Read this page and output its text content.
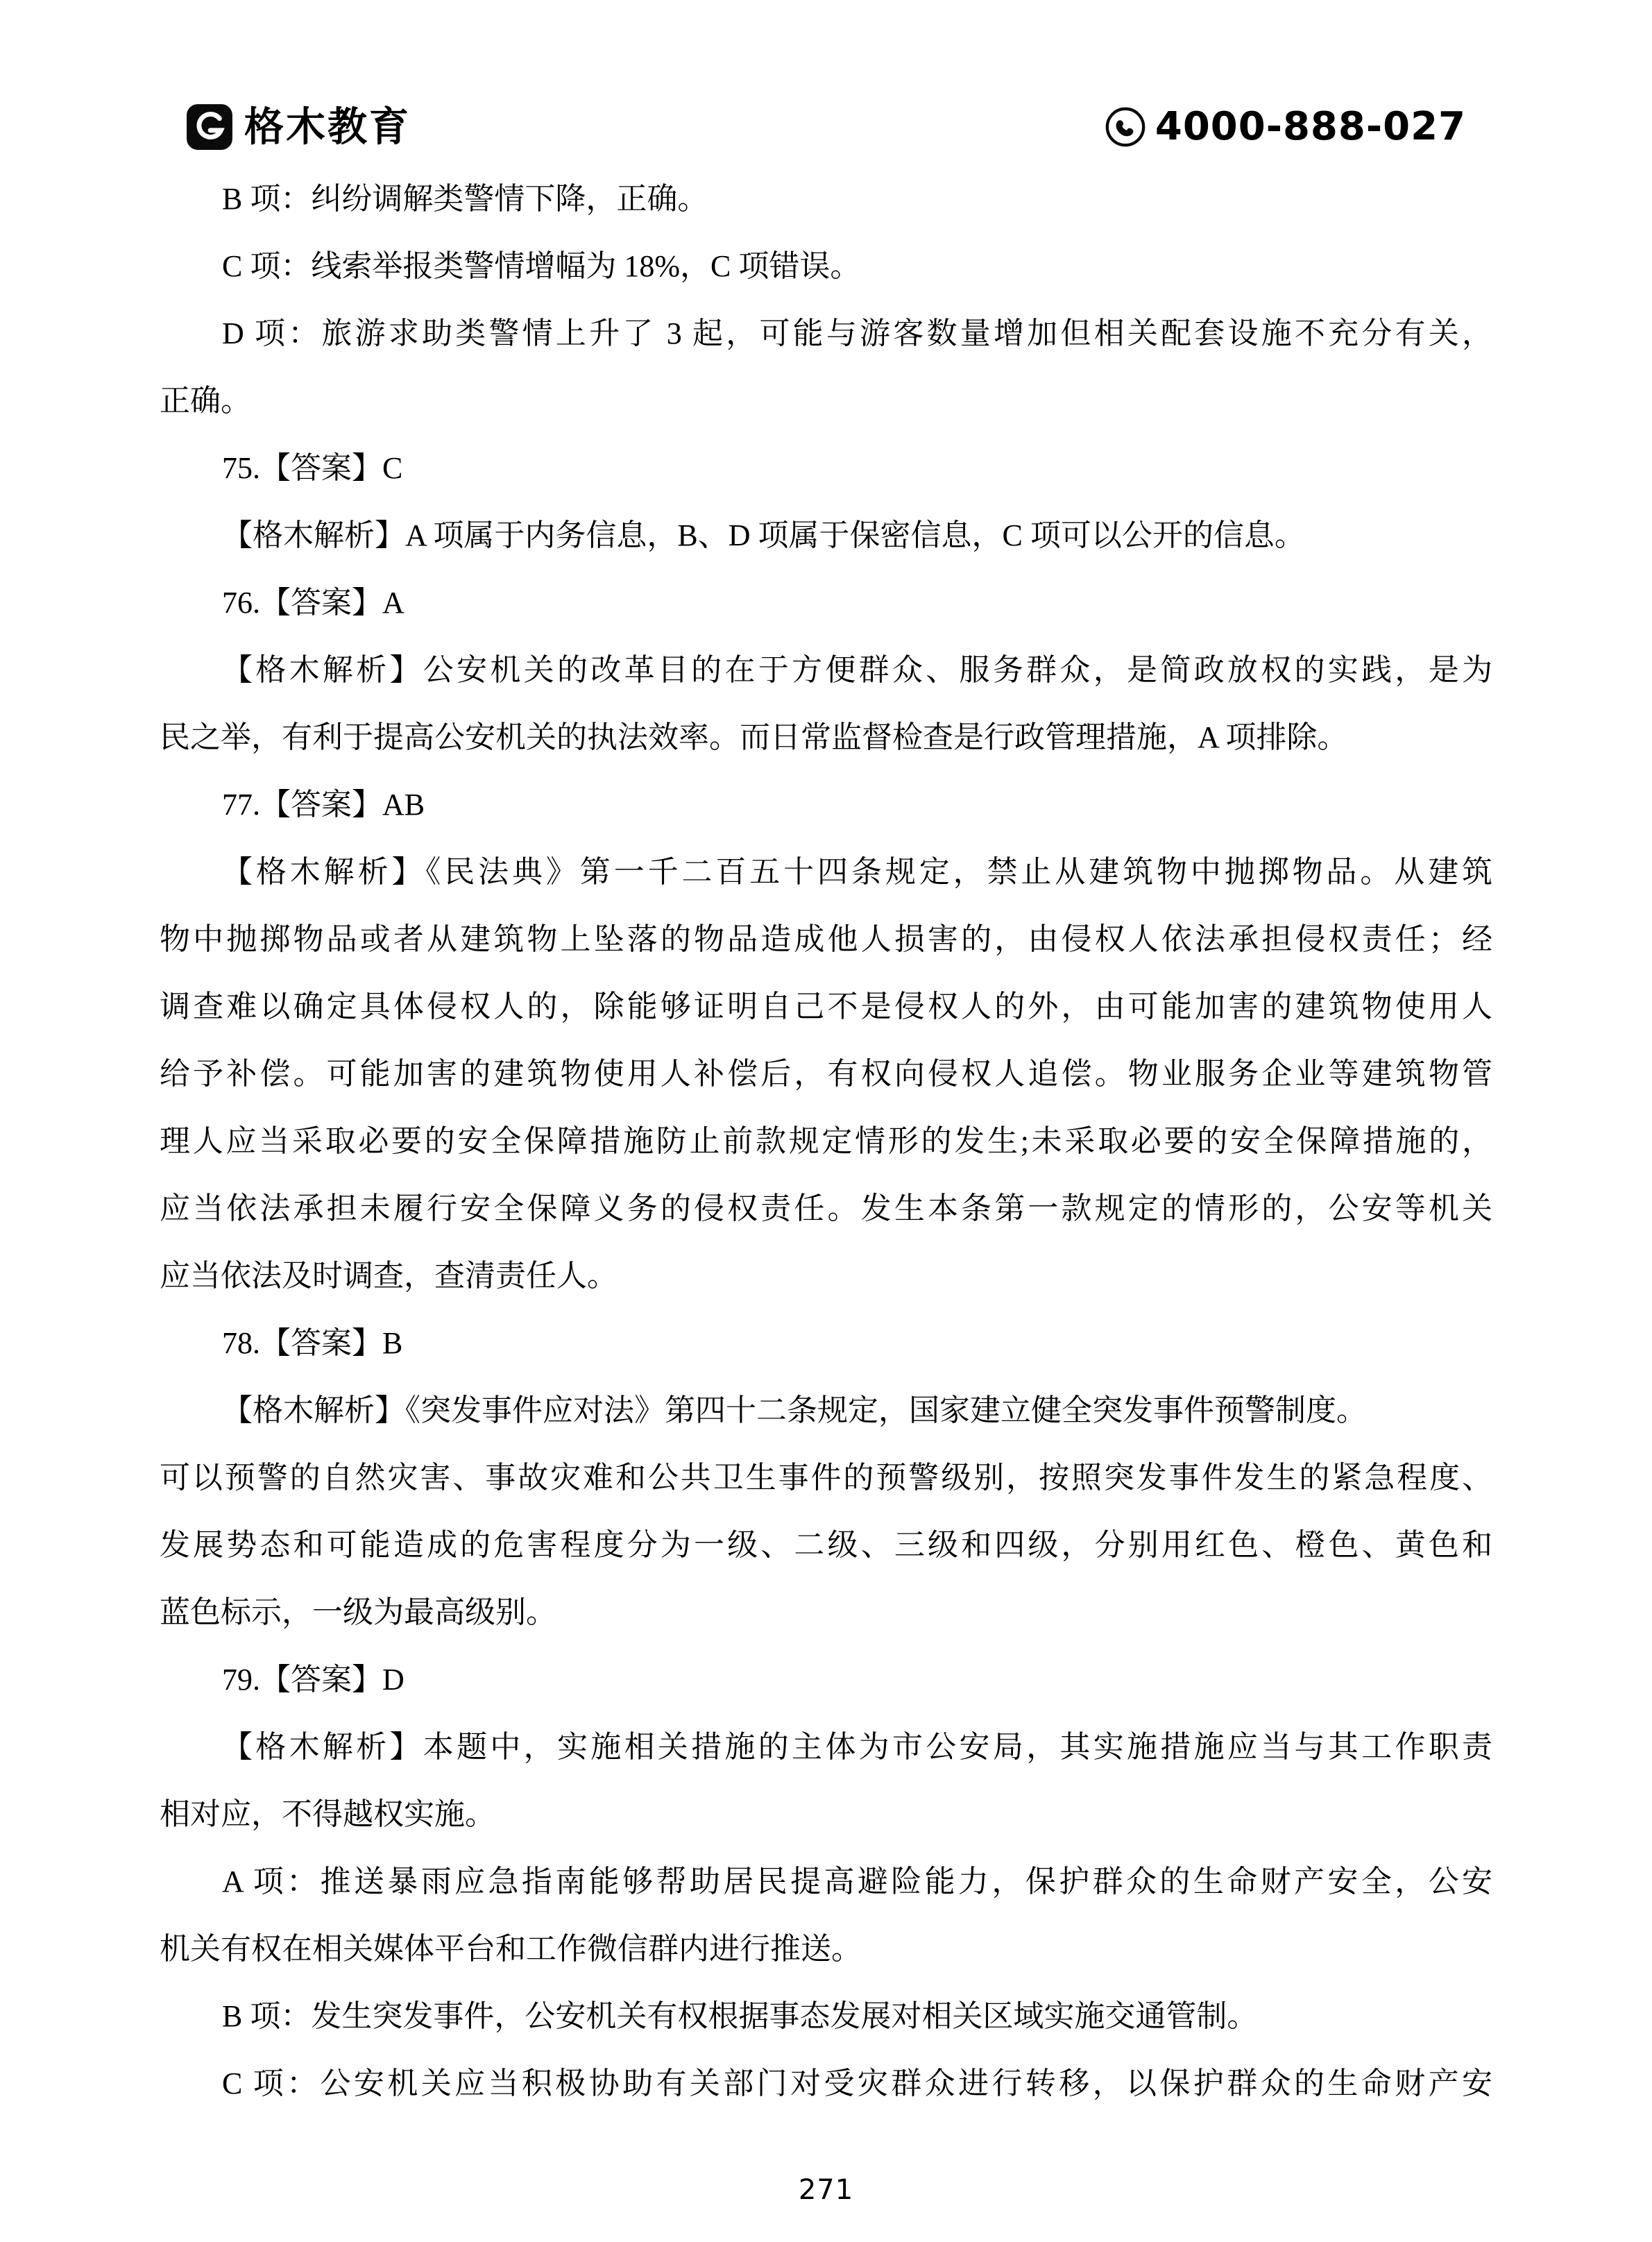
格木教育	4000-888-027
B 项：纠纷调解类警情下降，正确。
C 项：线索举报类警情增幅为 18%，C 项错误。
D 项：旅游求助类警情上升了 3 起，可能与游客数量增加但相关配套设施不充分有关，
正确。
75.【答案】C
【格木解析】A 项属于内务信息，B、D 项属于保密信息，C 项可以公开的信息。
76.【答案】A
【格木解析】公安机关的改革目的在于方便群众、服务群众，是简政放权的实践，是为
民之举，有利于提高公安机关的执法效率。而日常监督检查是行政管理措施，A 项排除。
77.【答案】AB
【格木解析】《民法典》第一千二百五十四条规定，禁止从建筑物中抛掷物品。从建筑
物中抛掷物品或者从建筑物上坠落的物品造成他人损害的，由侵权人依法承担侵权责任；经
调查难以确定具体侵权人的，除能够证明自己不是侵权人的外，由可能加害的建筑物使用人
给予补偿。可能加害的建筑物使用人补偿后，有权向侵权人追偿。物业服务企业等建筑物管
理人应当采取必要的安全保障措施防止前款规定情形的发生;未采取必要的安全保障措施的，
应当依法承担未履行安全保障义务的侵权责任。发生本条第一款规定的情形的，公安等机关
应当依法及时调查，查清责任人。
78.【答案】B
【格木解析】《突发事件应对法》第四十二条规定，国家建立健全突发事件预警制度。
可以预警的自然灾害、事故灾难和公共卫生事件的预警级别，按照突发事件发生的紧急程度、
发展势态和可能造成的危害程度分为一级、二级、三级和四级，分别用红色、橙色、黄色和
蓝色标示，一级为最高级别。
79.【答案】D
【格木解析】本题中，实施相关措施的主体为市公安局，其实施措施应当与其工作职责
相对应，不得越权实施。
A 项：推送暴雨应急指南能够帮助居民提高避险能力，保护群众的生命财产安全，公安
机关有权在相关媒体平台和工作微信群内进行推送。
B 项：发生突发事件，公安机关有权根据事态发展对相关区域实施交通管制。
C 项：公安机关应当积极协助有关部门对受灾群众进行转移，以保护群众的生命财产安
271
